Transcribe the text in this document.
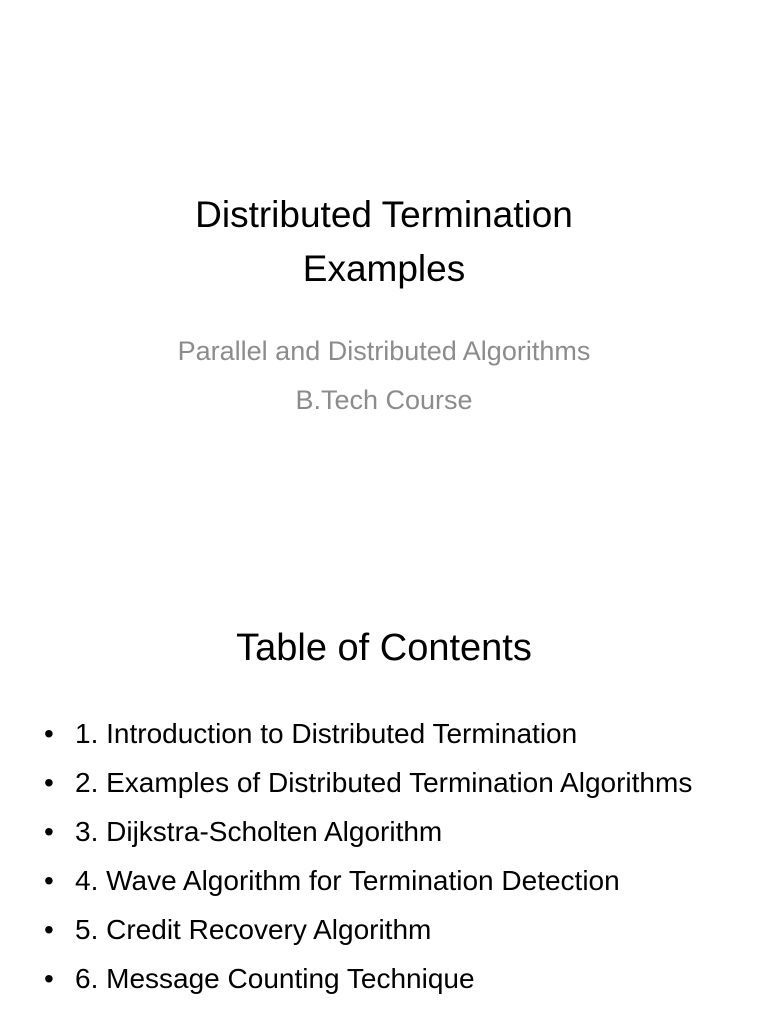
Distributed Termination
Examples
Parallel and Distributed Algorithms
B.Tech Course
Table of Contents
• 1. Introduction to Distributed Termination
• 2. Examples of Distributed Termination Algorithms
• 3. Dijkstra-Scholten Algorithm
• 4. Wave Algorithm for Termination Detection
• 5. Credit Recovery Algorithm
• 6. Message Counting Technique
